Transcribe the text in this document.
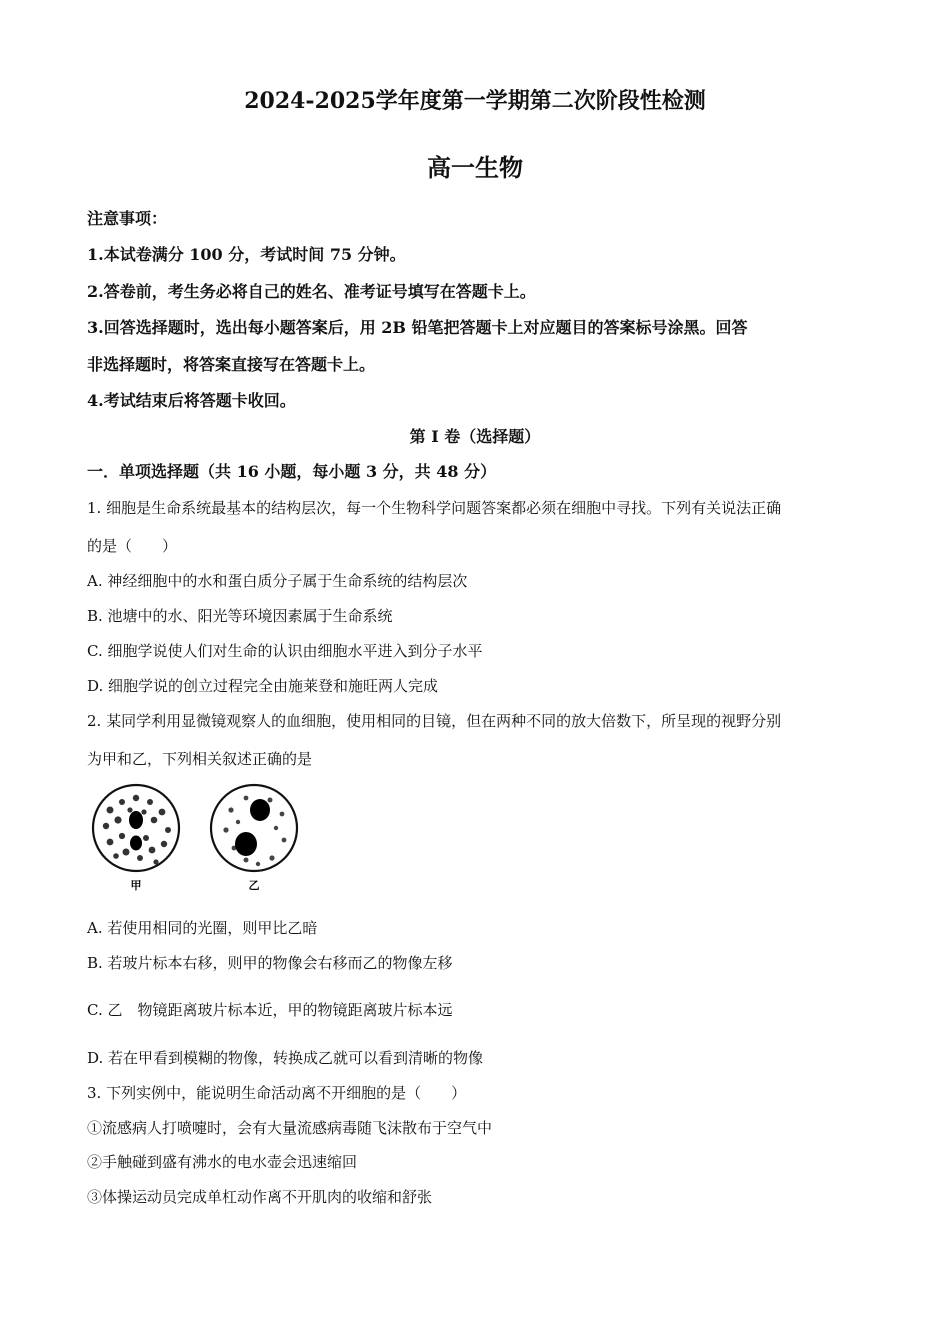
2024-2025学年度第一学期第二次阶段性检测
高一生物
注意事项：
1.本试卷满分 100 分，考试时间 75 分钟。
2.答卷前，考生务必将自己的姓名、准考证号填写在答题卡上。
3.回答选择题时，选出每小题答案后，用 2B 铅笔把答题卡上对应题目的答案标号涂黑。回答
非选择题时，将答案直接写在答题卡上。
4.考试结束后将答题卡收回。
第 I 卷（选择题）
一．单项选择题（共 16 小题，每小题 3 分，共 48 分）
1. 细胞是生命系统最基本的结构层次，每一个生物科学问题答案都必须在细胞中寻找。下列有关说法正确
的是（　　）
A. 神经细胞中的水和蛋白质分子属于生命系统的结构层次
B. 池塘中的水、阳光等环境因素属于生命系统
C. 细胞学说使人们对生命的认识由细胞水平进入到分子水平
D. 细胞学说的创立过程完全由施莱登和施旺两人完成
2. 某同学利用显微镜观察人的血细胞，使用相同的目镜，但在两种不同的放大倍数下，所呈现的视野分别
为甲和乙，下列相关叙述正确的是
甲	乙
A. 若使用相同的光圈，则甲比乙暗
B. 若玻片标本右移，则甲的物像会右移而乙的物像左移
C. 乙　物镜距离玻片标本近，甲的物镜距离玻片标本远
D. 若在甲看到模糊的物像，转换成乙就可以看到清晰的物像
3. 下列实例中，能说明生命活动离不开细胞的是（　　）
①流感病人打喷嚏时，会有大量流感病毒随飞沫散布于空气中
②手触碰到盛有沸水的电水壶会迅速缩回
③体操运动员完成单杠动作离不开肌肉的收缩和舒张
